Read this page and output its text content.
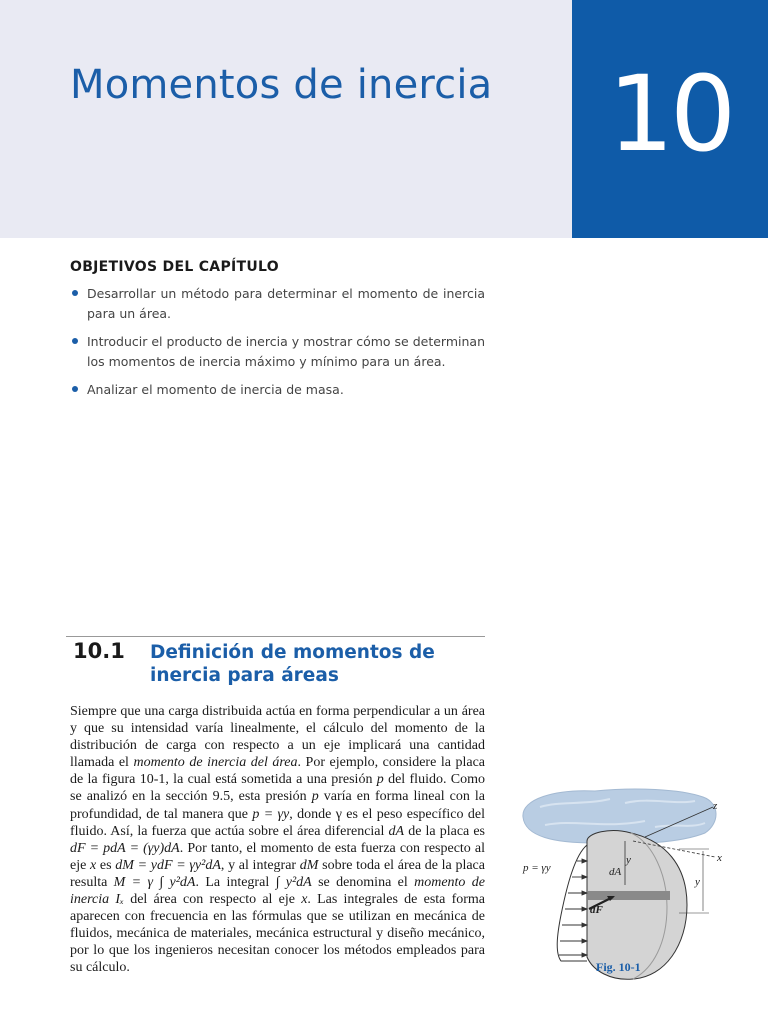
Momentos de inercia	10
OBJETIVOS DEL CAPÍTULO
Desarrollar un método para determinar el momento de inercia para un área.
Introducir el producto de inercia y mostrar cómo se determinan los momentos de inercia máximo y mínimo para un área.
Analizar el momento de inercia de masa.
10.1 Definición de momentos de inercia para áreas

Siempre que una carga distribuida actúa en forma perpendicular a un área y que su intensidad varía linealmente, el cálculo del momento de la distribución de carga con respecto a un eje implicará una cantidad llamada el momento de inercia del área. Por ejemplo, considere la placa de la figura 10-1, la cual está sometida a una presión p del fluido. Como se analizó en la sección 9.5, esta presión p varía en forma lineal con la profundidad, de tal manera que p = γy, donde γ es el peso específico del fluido. Así, la fuerza que actúa sobre el área diferencial dA de la placa es dF = pdA = (γy)dA. Por tanto, el momento de esta fuerza con respecto al eje x es dM = ydF = γy²dA, y al integrar dM sobre toda el área de la placa resulta M = γ ∫ y²dA. La integral ∫ y²dA se denomina el momento de inercia Iₓ del área con respecto al eje x. Las integrales de esta forma aparecen con frecuencia en las fórmulas que se utilizan en mecánica de fluidos, mecánica de materiales, mecánica estructural y diseño mecánico, por lo que los ingenieros necesitan conocer los métodos empleados para su cálculo.

z
x
y
y
dA
dF
p = γy
Fig. 10-1
